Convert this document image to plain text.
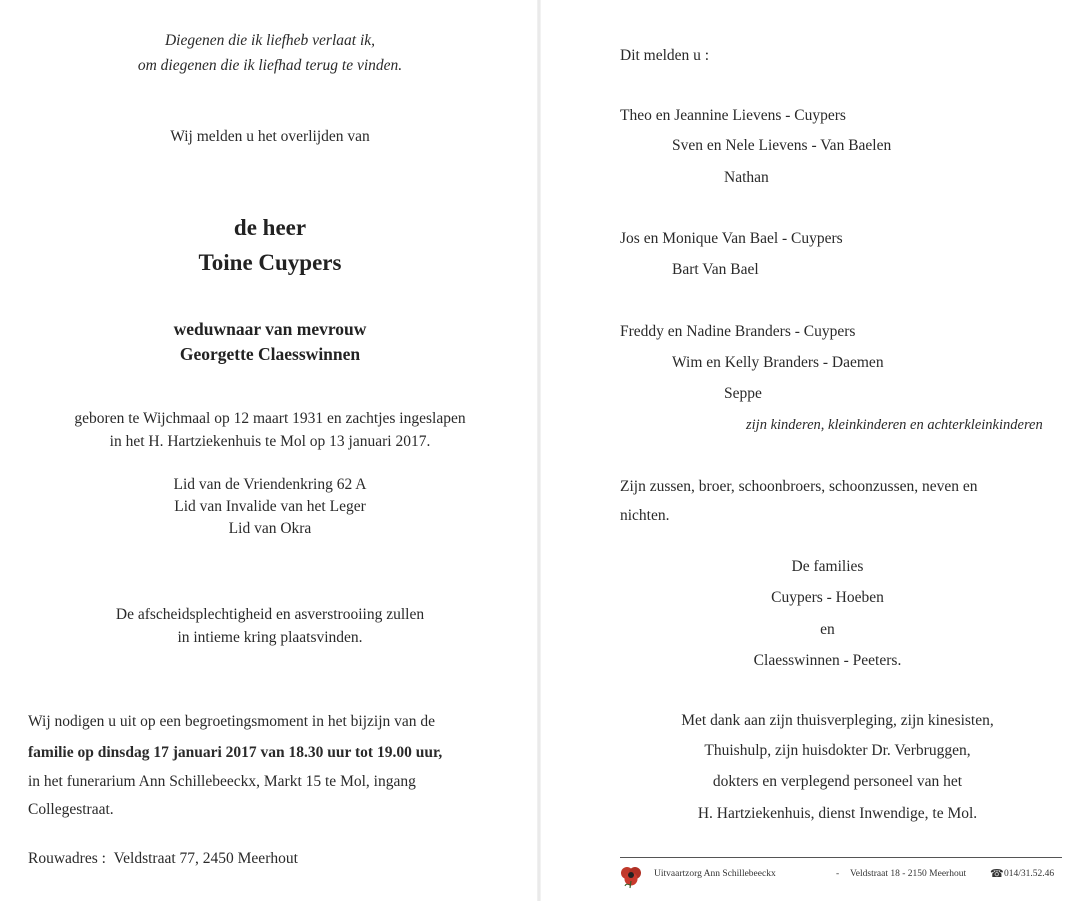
Diegenen die ik liefheb verlaat ik,
om diegenen die ik liefhad terug te vinden.
Wij melden u het overlijden van
de heer
Toine Cuypers
weduwnaar van mevrouw
Georgette Claesswinnen
geboren te Wijchmaal op 12 maart 1931 en zachtjes ingeslapen
in het H. Hartziekenhuis te Mol op 13 januari 2017.
Lid van de Vriendenkring 62 A
Lid van Invalide van het Leger
Lid van Okra
De afscheidsplechtigheid en asverstrooiing zullen
in intieme kring plaatsvinden.
Wij nodigen u uit op een begroetingsmoment in het bijzijn van de
familie op dinsdag 17 januari 2017 van 18.30 uur tot 19.00 uur,
in het funerarium Ann Schillebeeckx, Markt 15 te Mol, ingang
Collegestraat.
Rouwadres : Veldstraat 77, 2450 Meerhout
Dit melden u :
Theo en Jeannine Lievens - Cuypers
Sven en Nele Lievens - Van Baelen
Nathan
Jos en Monique Van Bael - Cuypers
Bart Van Bael
Freddy en Nadine Branders - Cuypers
Wim en Kelly Branders - Daemen
Seppe
zijn kinderen, kleinkinderen en achterkleinkinderen
Zijn zussen, broer, schoonbroers, schoonzussen, neven en
nichten.
De families
Cuypers - Hoeben
en
Claesswinnen - Peeters.
Met dank aan zijn thuisverpleging, zijn kinesisten,
Thuishulp, zijn huisdokter Dr. Verbruggen,
dokters en verplegend personeel van het
H. Hartziekenhuis, dienst Inwendige, te Mol.
Uitvaartzorg Ann Schillebeeckx	- Veldstraat 18 - 2150 Meerhout ☎ 014/31.52.46
